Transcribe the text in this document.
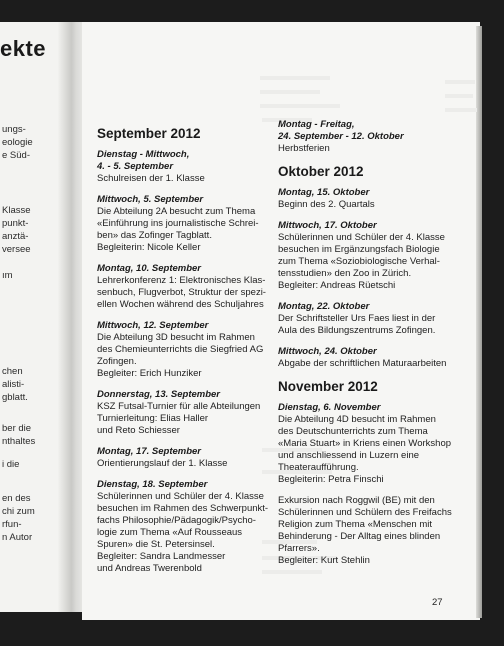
ekte
ungs-
eologie
e Süd-
Klasse
punkt-
anztä-
versee
ım
chen
alisti-
gblatt.
ber die
nthaltes
i die
en des
chi zum
rfun-
n Autor
September 2012
Dienstag - Mittwoch,
4. - 5. September
Schulreisen der 1. Klasse
Mittwoch, 5. September
Die Abteilung 2A besucht zum Thema
«Einführung ins journalistische Schrei-
ben» das Zofinger Tagblatt.
Begleiterin: Nicole Keller
Montag, 10. September
Lehrerkonferenz 1: Elektronisches Klas-
senbuch, Flugverbot, Struktur der spezi-
ellen Wochen während des Schuljahres
Mittwoch, 12. September
Die Abteilung 3D besucht im Rahmen
des Chemieunterrichts die Siegfried AG
Zofingen.
Begleiter: Erich Hunziker
Donnerstag, 13. September
KSZ Futsal-Turnier für alle Abteilungen
Turnierleitung: Elias Haller
und Reto Schiesser
Montag, 17. September
Orientierungslauf der 1. Klasse
Dienstag, 18. September
Schülerinnen und Schüler der 4. Klasse
besuchen im Rahmen des Schwerpunkt-
fachs Philosophie/Pädagogik/Psycho-
logie zum Thema «Auf Rousseaus
Spuren» die St. Petersinsel.
Begleiter: Sandra Landmesser
und Andreas Twerenbold
Montag - Freitag,
24. September - 12. Oktober
Herbstferien
Oktober 2012
Montag, 15. Oktober
Beginn des 2. Quartals
Mittwoch, 17. Oktober
Schülerinnen und Schüler der 4. Klasse
besuchen im Ergänzungsfach Biologie
zum Thema «Soziobiologische Verhal-
tensstudien» den Zoo in Zürich.
Begleiter: Andreas Rüetschi
Montag, 22. Oktober
Der Schriftsteller Urs Faes liest in der
Aula des Bildungszentrums Zofingen.
Mittwoch, 24. Oktober
Abgabe der schriftlichen Maturaarbeiten
November 2012
Dienstag, 6. November
Die Abteilung 4D besucht im Rahmen
des Deutschunterrichts zum Thema
«Maria Stuart» in Kriens einen Workshop
und anschliessend in Luzern eine
Theateraufführung.
Begleiterin: Petra Finschi
Exkursion nach Roggwil (BE) mit den
Schülerinnen und Schülern des Freifachs
Religion zum Thema «Menschen mit
Behinderung - Der Alltag eines blinden
Pfarrers».
Begleiter: Kurt Stehlin
27
